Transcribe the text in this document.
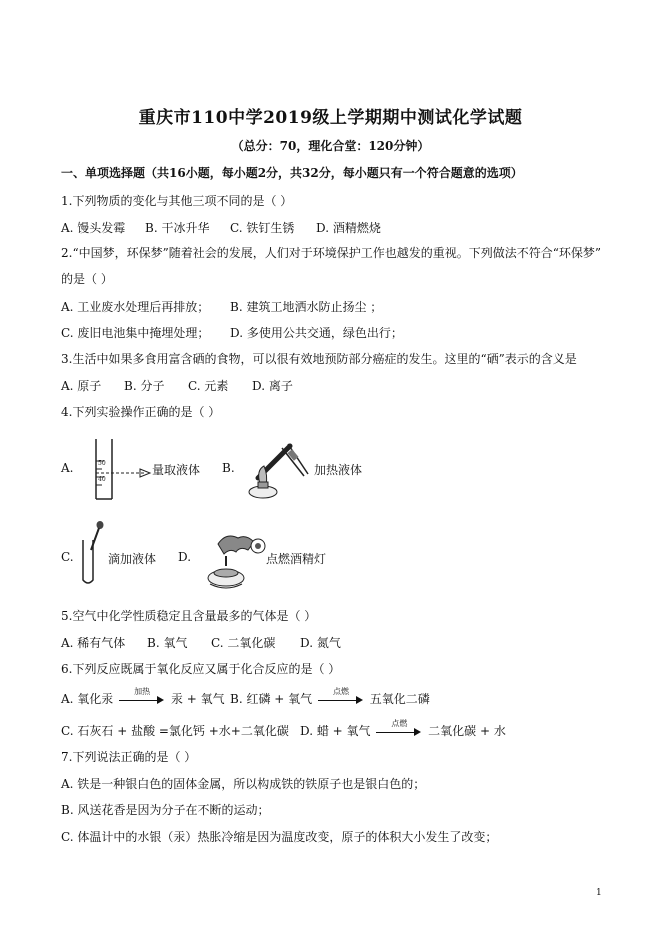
重庆市110中学2019级上学期期中测试化学试题
（总分：70，理化合堂：120分钟）
一、单项选择题（共16小题，每小题2分，共32分，每小题只有一个符合题意的选项）
1.下列物质的变化与其他三项不同的是（ ）
A. 馒头发霉 B. 干冰升华 C. 铁钉生锈 D. 酒精燃烧
2.“中国梦，环保梦”随着社会的发展，人们对于环境保护工作也越发的重视。下列做法不符合“环保梦”
的是（ ）
A. 工业废水处理后再排放； B. 建筑工地洒水防止扬尘 ；
C. 废旧电池集中掩埋处理； D. 多使用公共交通，绿色出行；
3.生活中如果多食用富含硒的食物，可以很有效地预防部分癌症的发生。这里的“硒”表示的含义是
A. 原子 B. 分子 C. 元素 D. 离子
4.下列实验操作正确的是（ ）
A.	50
40
量取液体 B.	加热液体
C.	滴加液体 D.	点燃酒精灯
5.空气中化学性质稳定且含量最多的气体是（ ）
A. 稀有气体 B. 氧气 C. 二氧化碳 D. 氮气
6.下列反应既属于氧化反应又属于化合反应的是（ ）
A. 氧化汞
加热
汞 + 氧气 B. 红磷 + 氧气
点燃
五氧化二磷
C. 石灰石 + 盐酸 =氯化钙 +水+二氧化碳 D. 蜡 + 氧气
点燃
二氧化碳 + 水
7.下列说法正确的是（ ）
A. 铁是一种银白色的固体金属，所以构成铁的铁原子也是银白色的；
B. 风送花香是因为分子在不断的运动；
C. 体温计中的水银（汞）热胀冷缩是因为温度改变，原子的体积大小发生了改变；
1
